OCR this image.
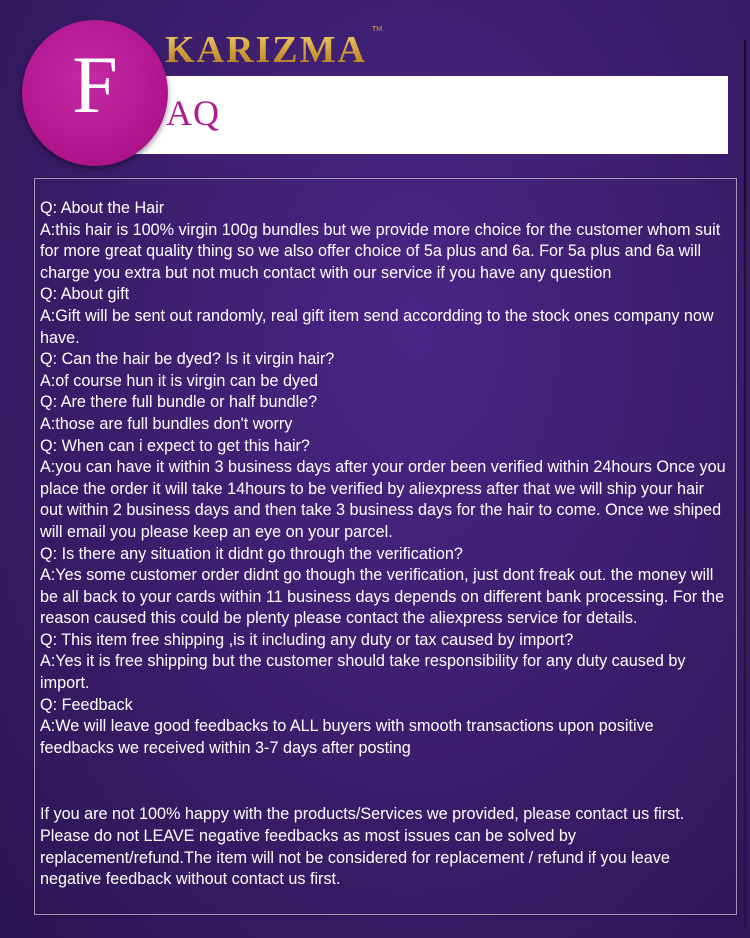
AQ
KARIZMA TM
F

Q: About the Hair

A:this hair is 100% virgin 100g bundles but we provide more choice for the customer whom suit for more great quality thing so we also offer choice of 5a plus and 6a. For 5a plus and 6a will charge you extra but not much contact with our service if you have any question

Q: About gift

A:Gift will be sent out randomly, real gift item send accordding to the stock ones company now have.

Q: Can the hair be dyed? Is it virgin hair?

A:of course hun it is virgin can be dyed

Q: Are there full bundle or half bundle?

A:those are full bundles don't worry

Q: When can i expect to get this hair?

A:you can have it within 3 business days after your order been verified within 24hours Once you place the order it will take 14hours to be verified by aliexpress after that we will ship your hair out within 2 business days and then take 3 business days for the hair to come. Once we shiped will email you please keep an eye on your parcel.

Q: Is there any situation it didnt go through the verification?

A:Yes some customer order didnt go though the verification, just dont freak out. the money will be all back to your cards within 11 business days depends on different bank processing. For the reason caused this could be plenty please contact the aliexpress service for details.

Q: This item free shipping ,is it including any duty or tax caused by import?

A:Yes it is free shipping but the customer should take responsibility for any duty caused by import.

Q: Feedback

A:We will leave good feedbacks to ALL buyers with smooth transactions upon positive feedbacks we received within 3-7 days after posting

If you are not 100% happy with the products/Services we provided, please contact us first. Please do not LEAVE negative feedbacks as most issues can be solved by replacement/refund.The item will not be considered for replacement / refund if you leave negative feedback without contact us first.
